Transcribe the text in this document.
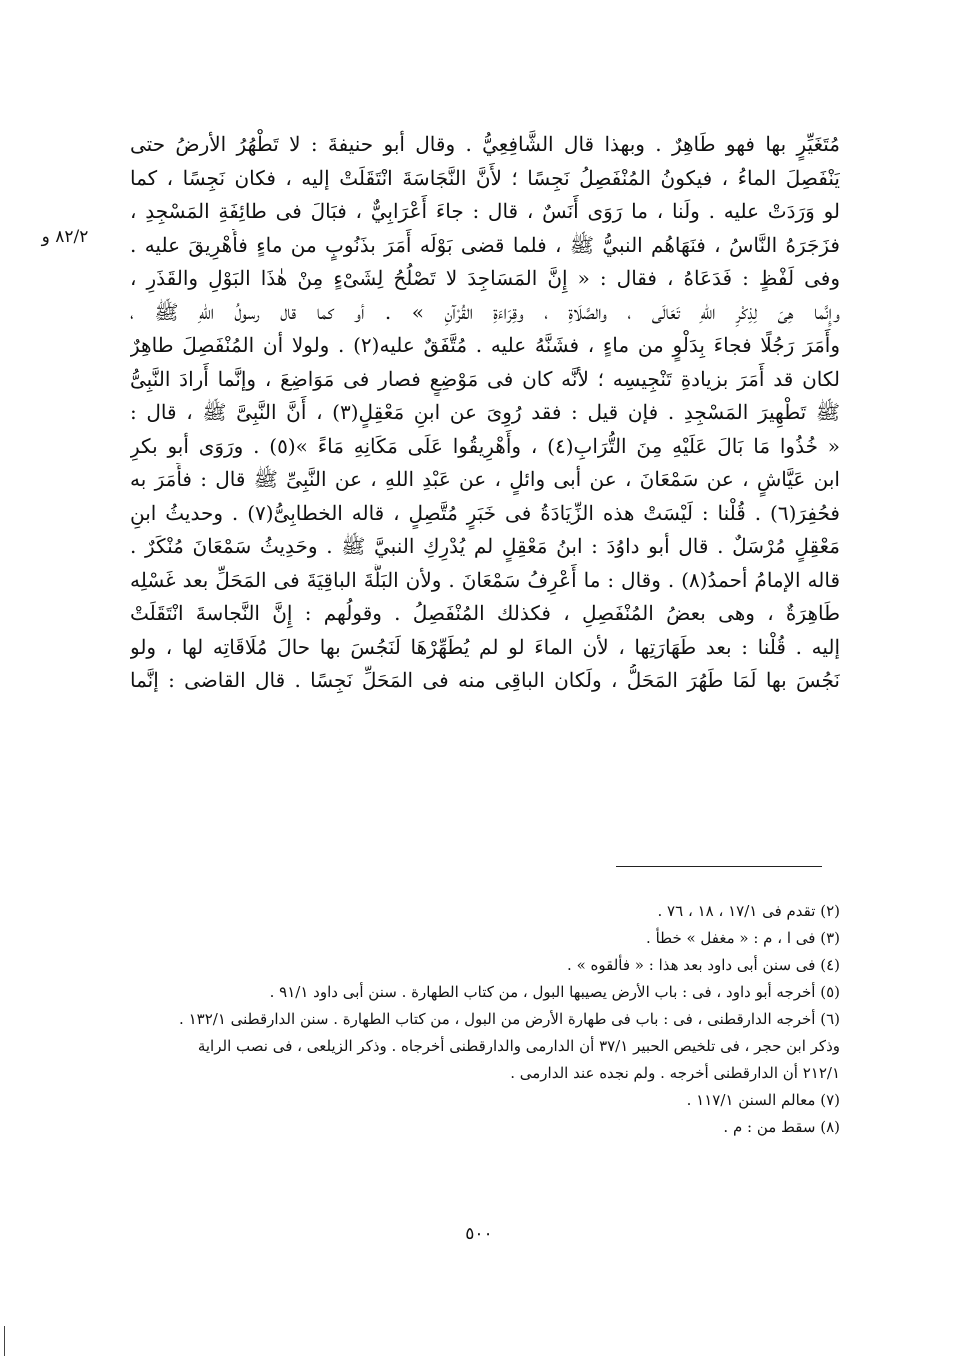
٨٢/٢ و
مُتَغَيِّرٍ بها فهو طَاهِرٌ . وبهذا قال الشَّافِعِيُّ . وقال أبو حنيفةَ : لا تَطْهُرُ الأرضُ حتى
يَنْفَصِلَ الماءُ ، فيكونُ المُنْفَصِلُ نَجِسًا ؛ لأَنَّ النَّجَاسَةَ انْتَقَلَتْ إليه ، فكان نَجِسًا ، كما
لو وَرَدَتْ عليه . ولَنا ، ما رَوَى أَنَسٌ ، قال : جاءَ أَعْرَابِيٌّ ، فبَالَ فى طائِفَةِ المَسْجِدِ ،
فزَجَرَهُ النَّاسُ ، فنَهَاهُم النبيُّ ﷺ ، فلما قضى بَوْلَه أَمَرَ بذَنُوبٍ من ماءٍ فأُهْرِيقَ عليه .
وفى لَفْظٍ : فَدَعَاهُ ، فقال : « إِنَّ المَسَاجِدَ لا تَصْلُحُ لِشَىْءٍ مِنْ هٰذَا البَوْلِ والقَذَرِ ،
وإِنَّما هِىَ لِذِكْرِ اللهِ تَعَالَى ، والصَّلَاةِ ، وقِرَاءَةِ القُرْآنِ » . أو كما قال رسولُ اللهِ ﷺ ،
وأَمَرَ رَجُلًا فجاءَ بِدَلْوٍ من ماءٍ ، فشَنَّهُ عليه . مُتَّفَقٌ عليه(٢) . ولولا أن المُنْفَصِلَ طاهِرٌ
لكان قد أَمَرَ بزيادةِ تَنْجِيسِه ؛ لأنَّه كان فى مَوْضِعٍ فصار فى مَوَاضِعَ ، وإنَّما أَرادَ النَّبِىُّ
ﷺ تَطْهِيرَ المَسْجِدِ . فإن قيل : فقد رُوِىَ عن ابنِ مَعْقِلٍ(٣) ، أَنَّ النَّبِىَّ ﷺ ، قال :
« خُذُوا مَا بَالَ عَلَيْهِ مِنَ التُّرَابِ(٤) ، وأَهْرِيقُوا عَلَى مَكَانِهِ مَاءً »(٥) . ورَوَى أبو بكرِ
ابن عَيَّاشٍ ، عن سَمْعَانَ ، عن أبى وائلٍ ، عن عَبْدِ اللهِ ، عن النَّبِىِّ ﷺ قال : فأَمَرَ به
فحُفِرَ(٦) . قُلْنا : لَيْسَتْ هذه الزِّيَادَةُ فى خَبَرٍ مُتَّصِلٍ ، قاله الخطابِىُّ(٧) . وحديثُ ابنِ
مَعْقِلٍ مُرْسَلٌ . قال أبو داوُدَ : ابنُ مَعْقِلٍ لم يُدْرِكِ النبيَّ ﷺ . وحَدِيثُ سَمْعَانَ مُنْكَرٌ .
قاله الإمامُ أحمدُ(٨) . وقال : ما أَعْرِفُ سَمْعَانَ . ولأن البَلَّةَ الباقِيَةَ فى المَحَلِّ بعد غَسْلِه
طَاهِرَةٌ ، وهى بعضُ المُنْفَصِلِ ، فكذلك المُنْفَصِلُ . وقولُهم : إِنَّ النَّجاسةَ انْتَقَلَتْ
إليه . قُلْنا : بعد طَهَارَتِها ، لأن الماءَ لو لم يُطَهِّرْهَا لَنَجُسَ بها حالَ مُلَاقَاتِه لها ، ولو
نَجُسَ بها لَمَا طَهُرَ المَحَلُّ ، ولَكان الباقِى منه فى المَحَلِّ نَجِسًا . قال القاضى : إنَّما
(٢) تقدم فى ١٧/١ ، ١٨ ، ٧٦ .
(٣) فى ا ، م : « مغفل » خطأ .
(٤) فى سنن أبى داود بعد هذا : « فألقوه » .
(٥) أخرجه أبو داود ، فى : باب الأرض يصيبها البول ، من كتاب الطهارة . سنن أبى داود ٩١/١ .
(٦) أخرجه الدارقطنى ، فى : باب فى طهارة الأرض من البول ، من كتاب الطهارة . سنن الدارقطنى ١٣٢/١ .
وذكر ابن حجر ، فى تلخيص الحبير ٣٧/١ أن الدارمى والدارقطنى أخرجاه . وذكر الزيلعى ، فى نصب الراية
٢١٢/١ أن الدارقطنى أخرجه . ولم نجده عند الدارمى .
(٧) معالم السنن ١١٧/١ .
(٨) سقط من : م .
٥٠٠
